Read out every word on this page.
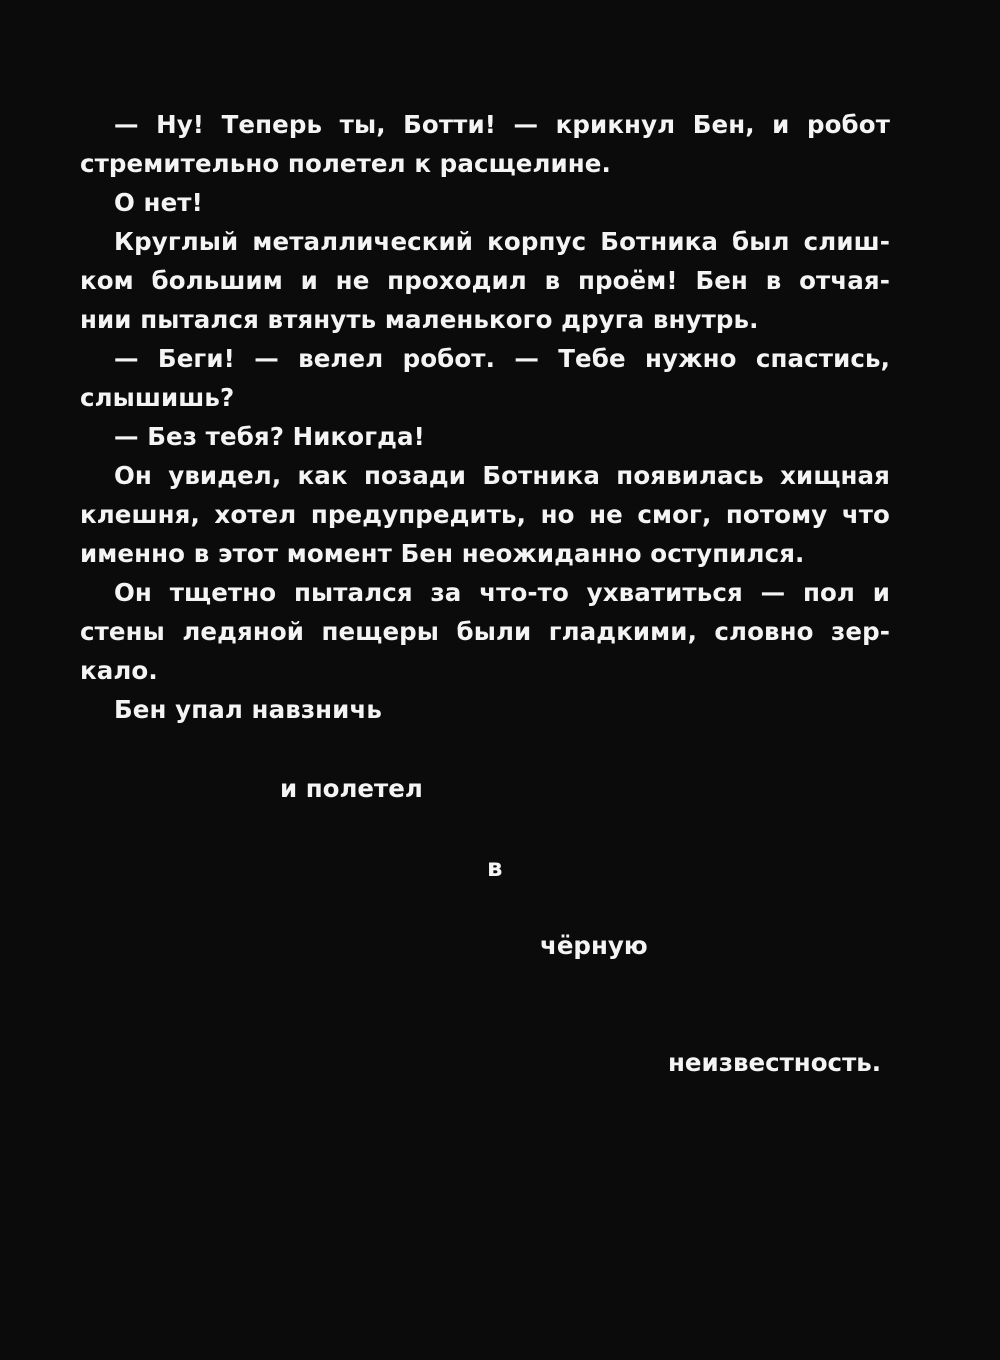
— Ну! Теперь ты, Ботти! — крикнул Бен, и робот
стремительно полетел к расщелине.
О нет!
Круглый металлический корпус Ботника был слиш-
ком большим и не проходил в проём! Бен в отчая-
нии пытался втянуть маленького друга внутрь.
— Беги! — велел робот. — Тебе нужно спастись,
слышишь?
— Без тебя? Никогда!
Он увидел, как позади Ботника появилась хищная
клешня, хотел предупредить, но не смог, потому что
именно в этот момент Бен неожиданно оступился.
Он тщетно пытался за что-то ухватиться — пол и
стены ледяной пещеры были гладкими, словно зер-
кало.
Бен упал навзничь
и полетел
в
чёрную
неизвестность.
